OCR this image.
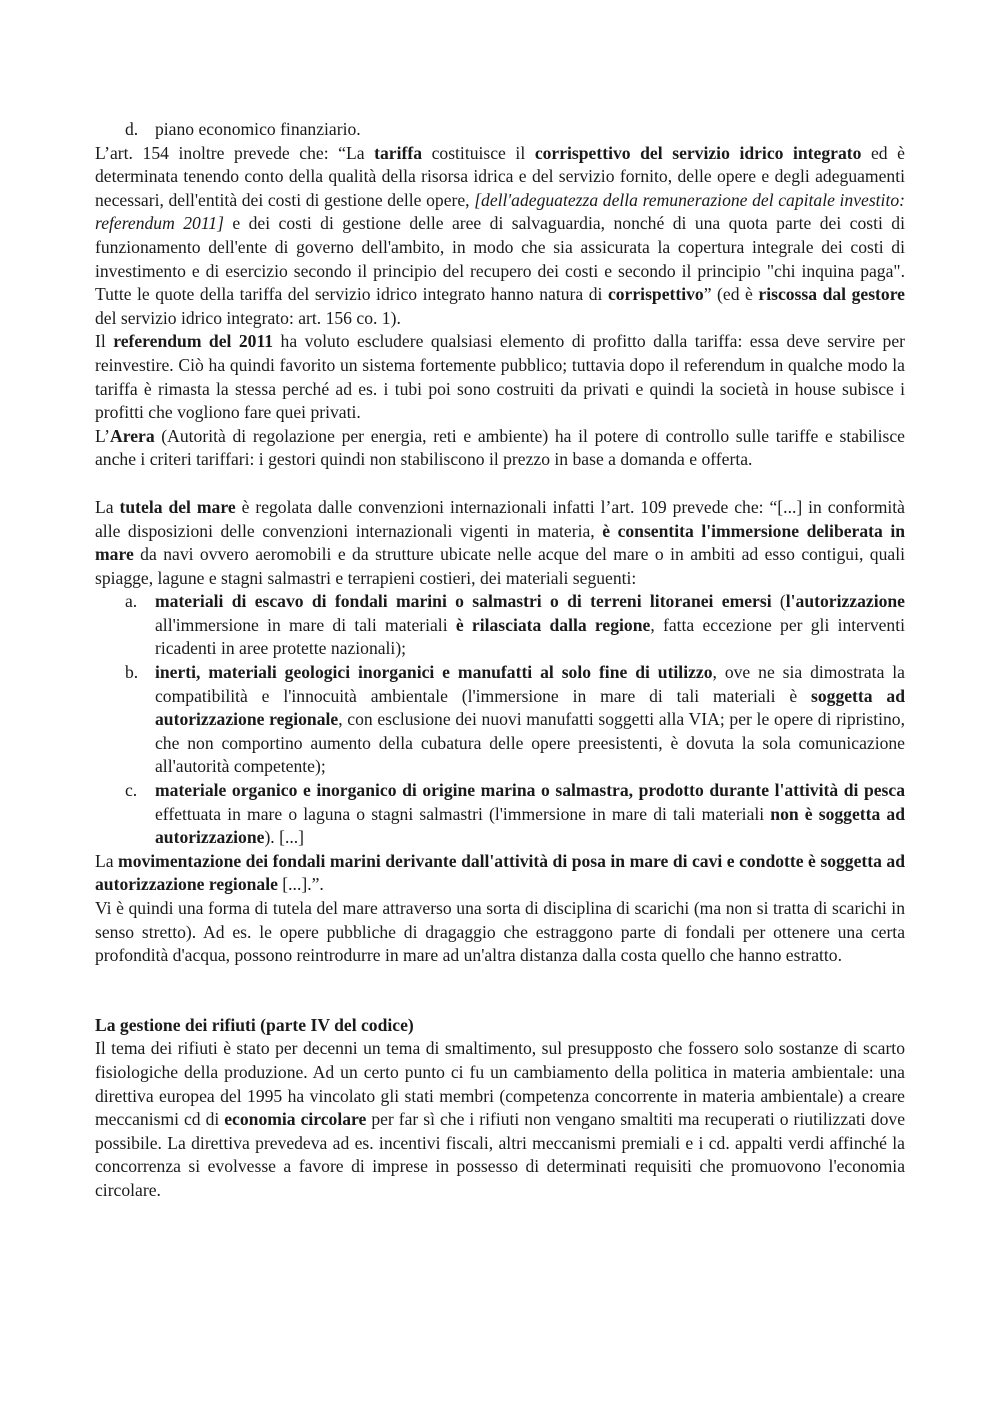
d. piano economico finanziario.

L’art. 154 inoltre prevede che: “La tariffa costituisce il corrispettivo del servizio idrico integrato ed è determinata tenendo conto della qualità della risorsa idrica e del servizio fornito, delle opere e degli adeguamenti necessari, dell'entità dei costi di gestione delle opere, [dell'adeguatezza della remunerazione del capitale investito: referendum 2011] e dei costi di gestione delle aree di salvaguardia, nonché di una quota parte dei costi di funzionamento dell'ente di governo dell'ambito, in modo che sia assicurata la copertura integrale dei costi di investimento e di esercizio secondo il principio del recupero dei costi e secondo il principio "chi inquina paga". Tutte le quote della tariffa del servizio idrico integrato hanno natura di corrispettivo” (ed è riscossa dal gestore del servizio idrico integrato: art. 156 co. 1).

Il referendum del 2011 ha voluto escludere qualsiasi elemento di profitto dalla tariffa: essa deve servire per reinvestire. Ciò ha quindi favorito un sistema fortemente pubblico; tuttavia dopo il referendum in qualche modo la tariffa è rimasta la stessa perché ad es. i tubi poi sono costruiti da privati e quindi la società in house subisce i profitti che vogliono fare quei privati.

L’Arera (Autorità di regolazione per energia, reti e ambiente) ha il potere di controllo sulle tariffe e stabilisce anche i criteri tariffari: i gestori quindi non stabiliscono il prezzo in base a domanda e offerta.

La tutela del mare è regolata dalle convenzioni internazionali infatti l’art. 109 prevede che: “[...] in conformità alle disposizioni delle convenzioni internazionali vigenti in materia, è consentita l'immersione deliberata in mare da navi ovvero aeromobili e da strutture ubicate nelle acque del mare o in ambiti ad esso contigui, quali spiagge, lagune e stagni salmastri e terrapieni costieri, dei materiali seguenti:

a. materiali di escavo di fondali marini o salmastri o di terreni litoranei emersi (l'autorizzazione all'immersione in mare di tali materiali è rilasciata dalla regione, fatta eccezione per gli interventi ricadenti in aree protette nazionali);
b. inerti, materiali geologici inorganici e manufatti al solo fine di utilizzo, ove ne sia dimostrata la compatibilità e l'innocuità ambientale (l'immersione in mare di tali materiali è soggetta ad autorizzazione regionale, con esclusione dei nuovi manufatti soggetti alla VIA; per le opere di ripristino, che non comportino aumento della cubatura delle opere preesistenti, è dovuta la sola comunicazione all'autorità competente);
c. materiale organico e inorganico di origine marina o salmastra, prodotto durante l'attività di pesca effettuata in mare o laguna o stagni salmastri (l'immersione in mare di tali materiali non è soggetta ad autorizzazione). [...]

La movimentazione dei fondali marini derivante dall'attività di posa in mare di cavi e condotte è soggetta ad autorizzazione regionale [...].”.

Vi è quindi una forma di tutela del mare attraverso una sorta di disciplina di scarichi (ma non si tratta di scarichi in senso stretto). Ad es. le opere pubbliche di dragaggio che estraggono parte di fondali per ottenere una certa profondità d'acqua, possono reintrodurre in mare ad un'altra distanza dalla costa quello che hanno estratto.

La gestione dei rifiuti (parte IV del codice)

Il tema dei rifiuti è stato per decenni un tema di smaltimento, sul presupposto che fossero solo sostanze di scarto fisiologiche della produzione. Ad un certo punto ci fu un cambiamento della politica in materia ambientale: una direttiva europea del 1995 ha vincolato gli stati membri (competenza concorrente in materia ambientale) a creare meccanismi cd di economia circolare per far sì che i rifiuti non vengano smaltiti ma recuperati o riutilizzati dove possibile. La direttiva prevedeva ad es. incentivi fiscali, altri meccanismi premiali e i cd. appalti verdi affinché la concorrenza si evolvesse a favore di imprese in possesso di determinati requisiti che promuovono l'economia circolare.
